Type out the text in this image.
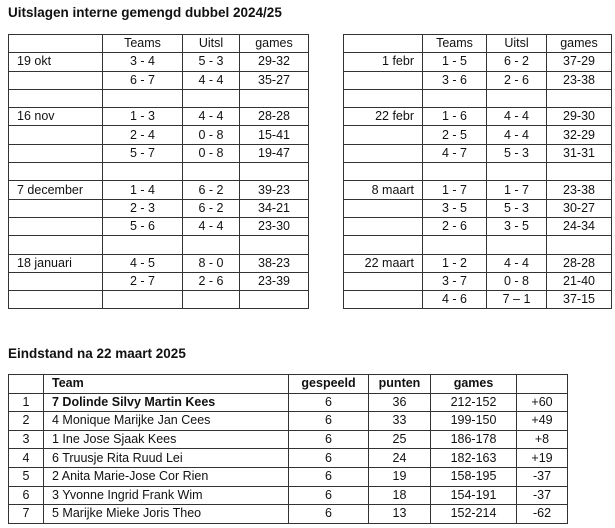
Uitslagen interne gemengd dubbel 2024/25
	Teams	Uitsl	games
19 okt	3 - 4	5 - 3	29-32
	6 - 7	4 - 4	35-27

16 nov	1 - 3	4 - 4	28-28
	2 - 4	0 - 8	15-41
	5 - 7	0 - 8	19-47

7 december	1 - 4	6 - 2	39-23
	2 - 3	6 - 2	34-21
	5 - 6	4 - 4	23-30

18 januari	4 - 5	8 - 0	38-23
	2 - 7	2 - 6	23-39

	Teams	Uitsl	games
1 febr	1 - 5	6 - 2	37-29
	3 - 6	2 - 6	23-38

22 febr	1 - 6	4 - 4	29-30
	2 - 5	4 - 4	32-29
	4 - 7	5 - 3	31-31

8 maart	1 - 7	1 - 7	23-38
	3 - 5	5 - 3	30-27
	2 - 6	3 - 5	24-34

22 maart	1 - 2	4 - 4	28-28
	3 - 7	0 - 8	21-40
	4 - 6	7 – 1	37-15
Eindstand na 22 maart 2025
	Team	gespeeld	punten	games	
1	7 Dolinde Silvy Martin Kees	6	36	212-152	+60
2	4 Monique Marijke Jan Cees	6	33	199-150	+49
3	1 Ine Jose Sjaak Kees	6	25	186-178	+8
4	6 Truusje Rita Ruud Lei	6	24	182-163	+19
5	2 Anita Marie-Jose Cor Rien	6	19	158-195	-37
6	3 Yvonne Ingrid Frank Wim	6	18	154-191	-37
7	5 Marijke Mieke Joris Theo	6	13	152-214	-62
